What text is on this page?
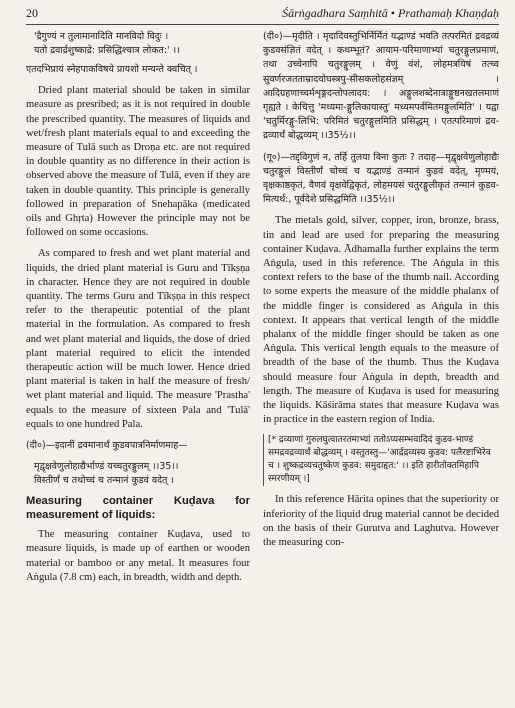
20	Śārṅgadhara Saṃhitā • Prathamaḥ Khaṇḍaḥ
'द्रैगुण्यं न तुलामानादिति मानविदो विदुः ।
यतो द्रवार्द्रशुष्काद्रे: प्रसिद्धिश्चात्र लोकत:' ।।

एतदभिप्रायं स्नेहपाकविषये प्रायशो मन्यन्ते क्वचित् ।

Dried plant material should be taken in similar measure as presribed; as it is not required in double the prescribed quantity. The measures of liquids and wet/fresh plant materials equal to and exceeding the measure of Tulā such as Droṇa etc. are not required in double quantity as no difference in their action is observed above the measure of Tulā, even if they are taken in double quantity. This principle is generally followed in preparation of Snehapāka (medicated oils and Ghṛta) However the principle may not be followed on some occasions.

As compared to fresh and wet plant material and liquids, the dried plant material is Guru and Tīkṣṇa in character. Hence they are not required in double quantity. The terms Guru and Tīkṣṇa in this respect refer to the therapeutic potential of the plant material in the formulation. As compared to fresh and wet plant material and liquids, the dose of dried plant material required to elicit the intended therapeutic action will be much lower. Hence dried plant material is taken in half the measure of fresh/ wet plant material and liquid. The measure 'Prastha' equals to the measure of sixteen Pala and 'Tulā' equals to one hundred Pala.

(दी०)—इदानीं द्रवमानार्थं कुडवपात्रनिर्माणमाह—

मृद्वृक्षवेणुलोहाद्यैर्भाण्डं यच्चतुरङ्गुलम् ।।35।।
विस्तीर्णं च तथोच्चं च तन्मानं कुडवं वदेत् ।
Measuring container Kuḍava for measurement of liquids:

The measuring container Kuḍava, used to measure liquids, is made up of earthen or wooden material or bamboo or any metal. It measures four Aṅgula (7.8 cm) each, in breadth, width and depth.

(दी०)—मृदीति । मृदादिवस्तुभिर्निर्मितं यद्भाण्डं भवति तत्परमितं द्रवद्रव्यं कुडवसंज्ञितं वदेत् । कथम्भूतं? आयाम-परिमाणाभ्यां चतुरङ्गुलप्रमाणं, तथा उच्चेनापि चतुरङ्गुलम् । वेणुं वंशं, लोहमत्रयिषं तत्च्व सुवर्णरजतताम्रादयोघस्त्रपु-सीसकलोहसंज्ञम् । आदिग्रहणाच्चर्मशृङ्गदन्तोपलादय: । अङ्गुलशब्देनात्राङ्गुष्ठनखतलमाणं गृह्यते । केचित्तु 'मध्यमा-ङ्गुलिकायास्तु' मध्यमपर्वमितमङ्गुलमिति' । यद्वा 'चतुर्मिरङ्गु-लिभि: परिमितं चतुरङ्गुलमिति प्रसिद्धम् । एतत्परिमाणं द्रव-द्रव्यार्थं बोद्धव्यम् ।।35½।।

(गू०)—तद्द्विगुणं न, तर्हि तुलया विना कुतः ? तदाह—मृद्वृक्षवेणुलोहाद्यैः चतुरङ्गुलं विस्तीर्णं चोच्चं च यद्भाण्डं तन्मानं कुडवं वदेत्, मृण्मयं, वृक्षकाष्ठकृतं, वैणवं वृक्षवेद्विकृतं, लोहमयसं चतुरङ्गुलीकृतं तन्मानं कुडव-मित्यर्थ:, पूर्वदेशे प्रसिद्धमिति ।।35½।।

The metals gold, silver, copper, iron, bronze, brass, tin and lead are used for preparing the measuring container Kuḍava. Ādhamalla further explains the term Aṅgula, used in this reference. The Aṅgula in this context refers to the base of the thumb nail. According to some experts the measure of the middle phalanx of the middle finger is considered as Aṅgula in this context. It appears that vertical length of the middle phalanx of the middle finger should be taken as one Aṅgula. This vertical length equals to the measure of breadth of the base of the thumb. Thus the Kuḍava should measure four Aṅgula in depth, breadth and length. The measure of Kuḍava is used for measuring the liquids. Kāśirāma states that measure Kuḍava was in practice in the eastern region of India.

[* द्रव्याणां गुरुलघुत्वातरतमाभ्यां ततोऽप्यसम्भवादिदं कुडव-भाण्डं समद्रवद्रव्यार्थं बोद्धव्यम् । वस्तुतस्तु—'आर्द्रद्रव्यस्य कुडव: पलैरष्टाभिरेव च । शुष्कद्रव्यचतुष्केण कुडव: समुदाहृत:' ।। इति हारीतोक्तमिहापि स्मरणीयम् ।]

In this reference Hārita opines that the superiority or inferiority of the liquid drug material cannot be decided on the basis of their Gurutva and Laghutva. However the measuring con-
